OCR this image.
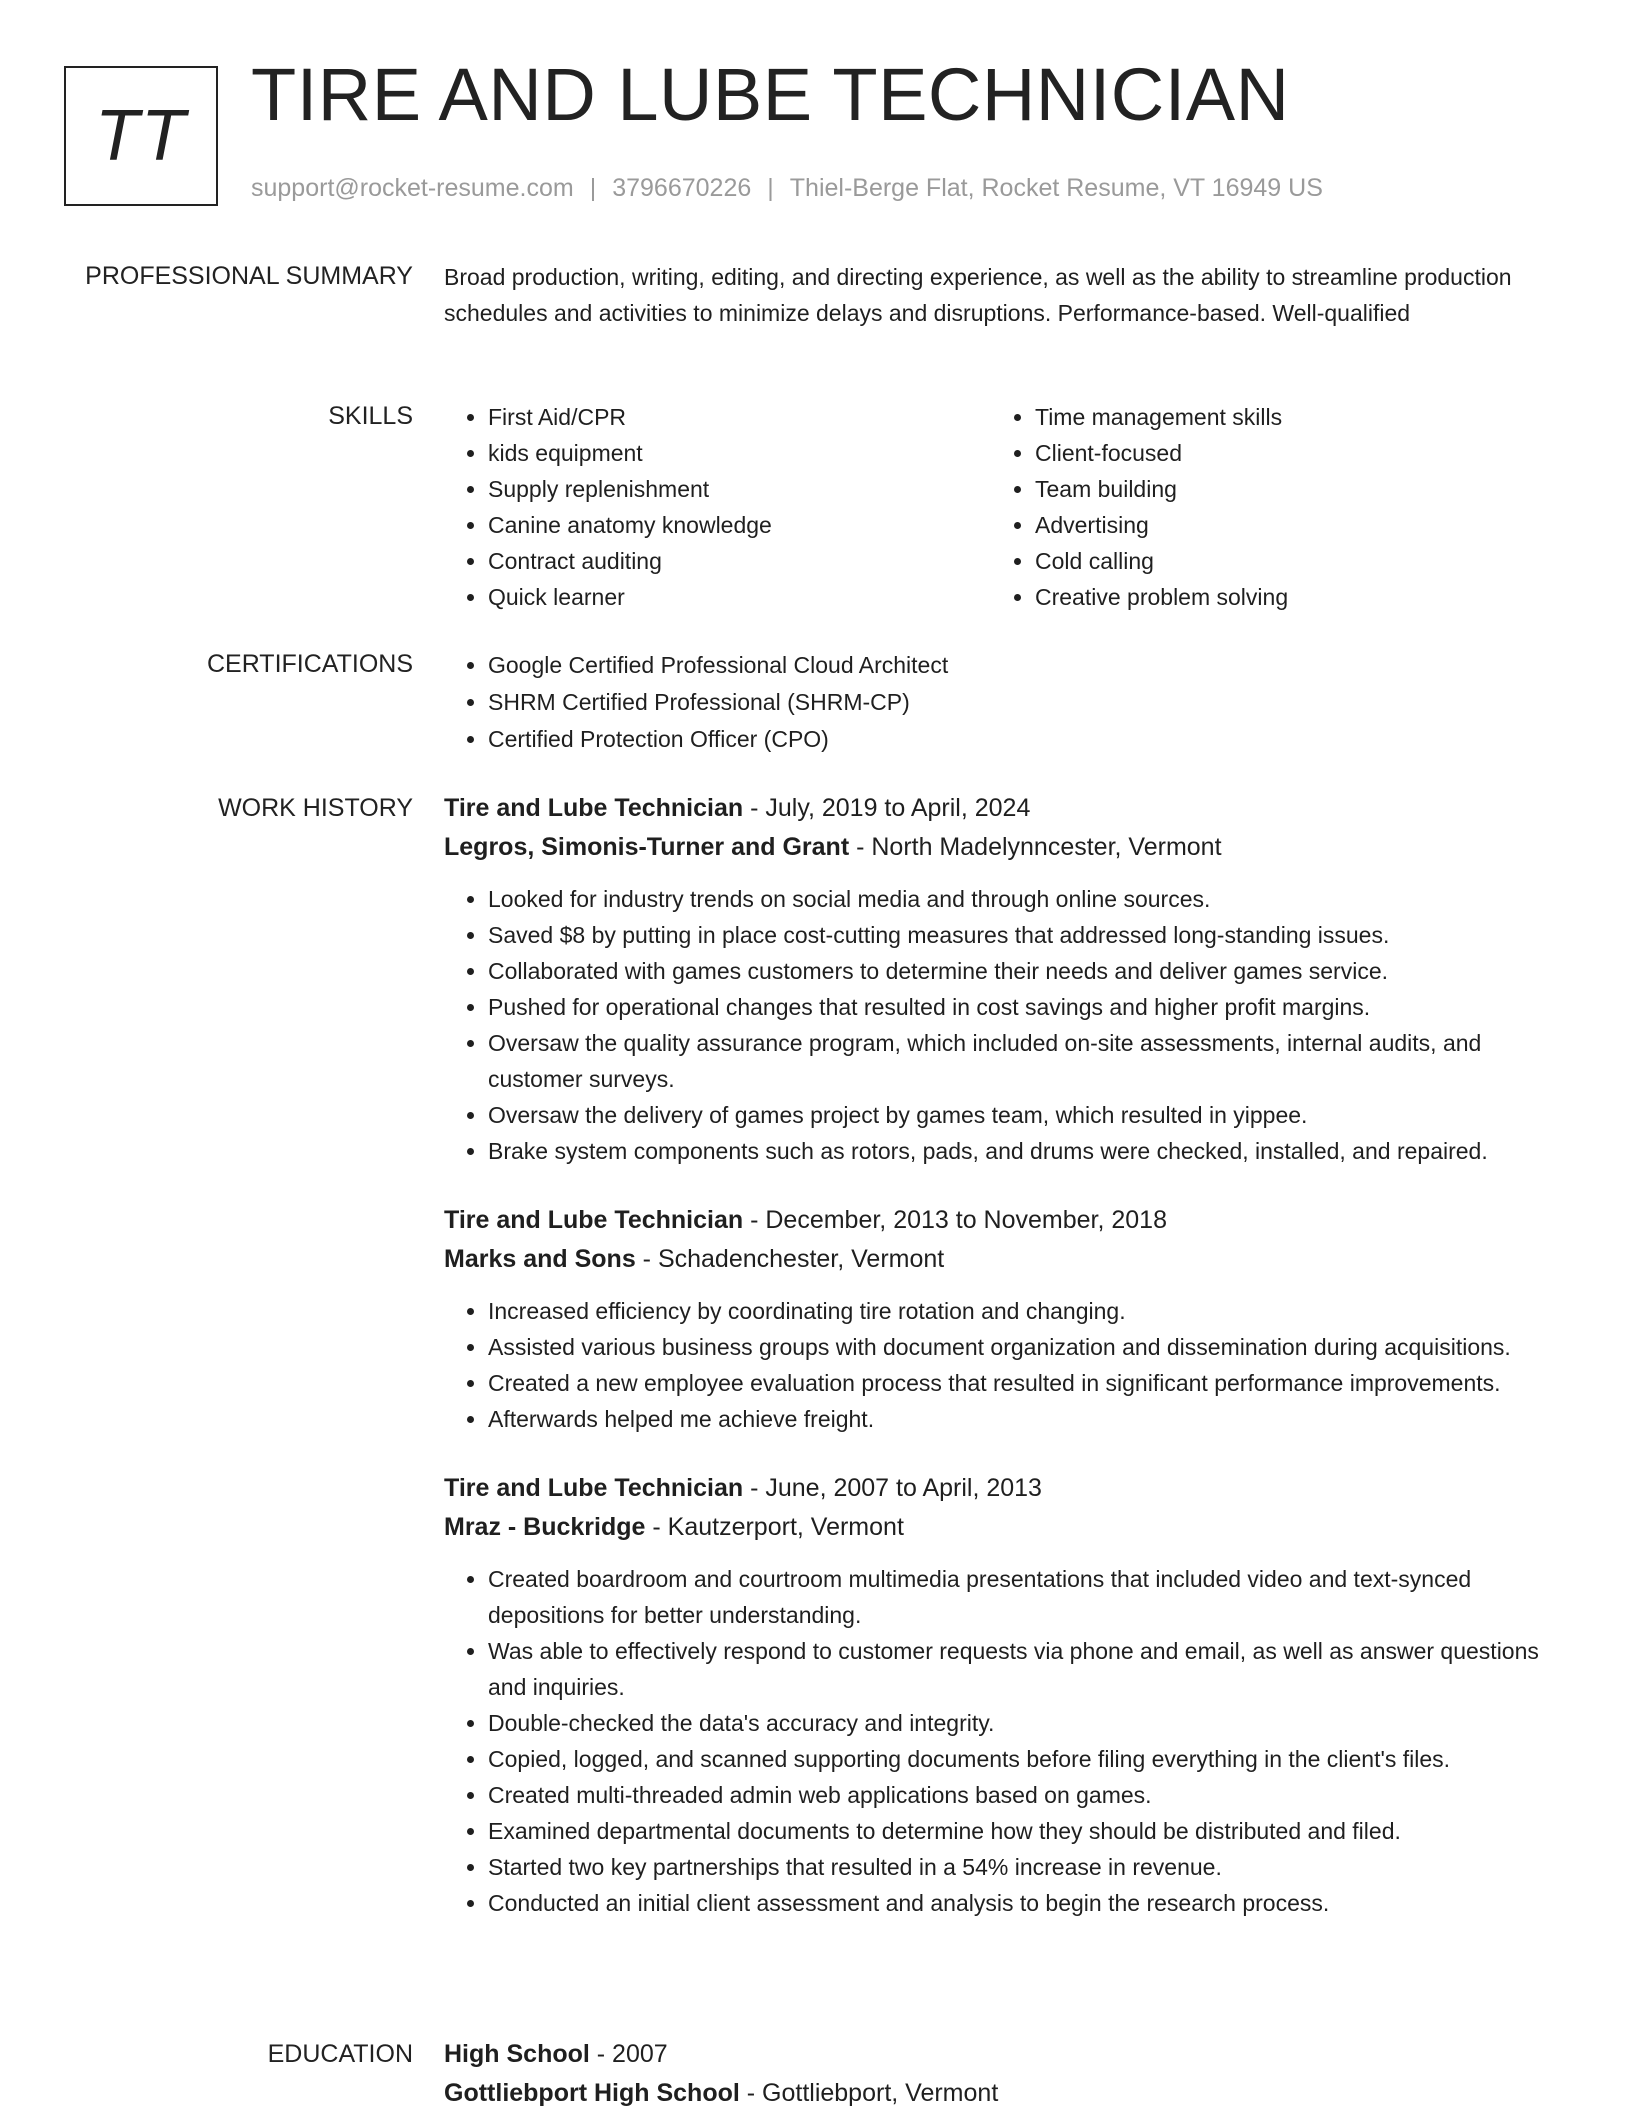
TT TIRE AND LUBE TECHNICIAN
support@rocket-resume.com | 3796670226 | Thiel-Berge Flat, Rocket Resume, VT 16949 US
PROFESSIONAL SUMMARY Broad production, writing, editing, and directing experience, as well as the ability to streamline production schedules and activities to minimize delays and disruptions. Performance-based. Well-qualified
SKILLS	• First Aid/CPR
• kids equipment
• Supply replenishment
• Canine anatomy knowledge
• Contract auditing
• Quick learner
• Time management skills
• Client-focused
• Team building
• Advertising
• Cold calling
• Creative problem solving
CERTIFICATIONS	• Google Certified Professional Cloud Architect
• SHRM Certified Professional (SHRM-CP)
• Certified Protection Officer (CPO)
WORK HISTORY Tire and Lube Technician - July, 2019 to April, 2024
Legros, Simonis-Turner and Grant - North Madelynncester, Vermont
• Looked for industry trends on social media and through online sources.
• Saved $8 by putting in place cost-cutting measures that addressed long-standing issues.
• Collaborated with games customers to determine their needs and deliver games service.
• Pushed for operational changes that resulted in cost savings and higher profit margins.
• Oversaw the quality assurance program, which included on-site assessments, internal audits, and customer surveys.
• Oversaw the delivery of games project by games team, which resulted in yippee.
• Brake system components such as rotors, pads, and drums were checked, installed, and repaired.
Tire and Lube Technician - December, 2013 to November, 2018
Marks and Sons - Schadenchester, Vermont
• Increased efficiency by coordinating tire rotation and changing.
• Assisted various business groups with document organization and dissemination during acquisitions.
• Created a new employee evaluation process that resulted in significant performance improvements.
• Afterwards helped me achieve freight.
Tire and Lube Technician - June, 2007 to April, 2013
Mraz - Buckridge - Kautzerport, Vermont
• Created boardroom and courtroom multimedia presentations that included video and text-synced depositions for better understanding.
• Was able to effectively respond to customer requests via phone and email, as well as answer questions and inquiries.
• Double-checked the data's accuracy and integrity.
• Copied, logged, and scanned supporting documents before filing everything in the client's files.
• Created multi-threaded admin web applications based on games.
• Examined departmental documents to determine how they should be distributed and filed.
• Started two key partnerships that resulted in a 54% increase in revenue.
• Conducted an initial client assessment and analysis to begin the research process.
EDUCATION High School - 2007
Gottliebport High School - Gottliebport, Vermont
